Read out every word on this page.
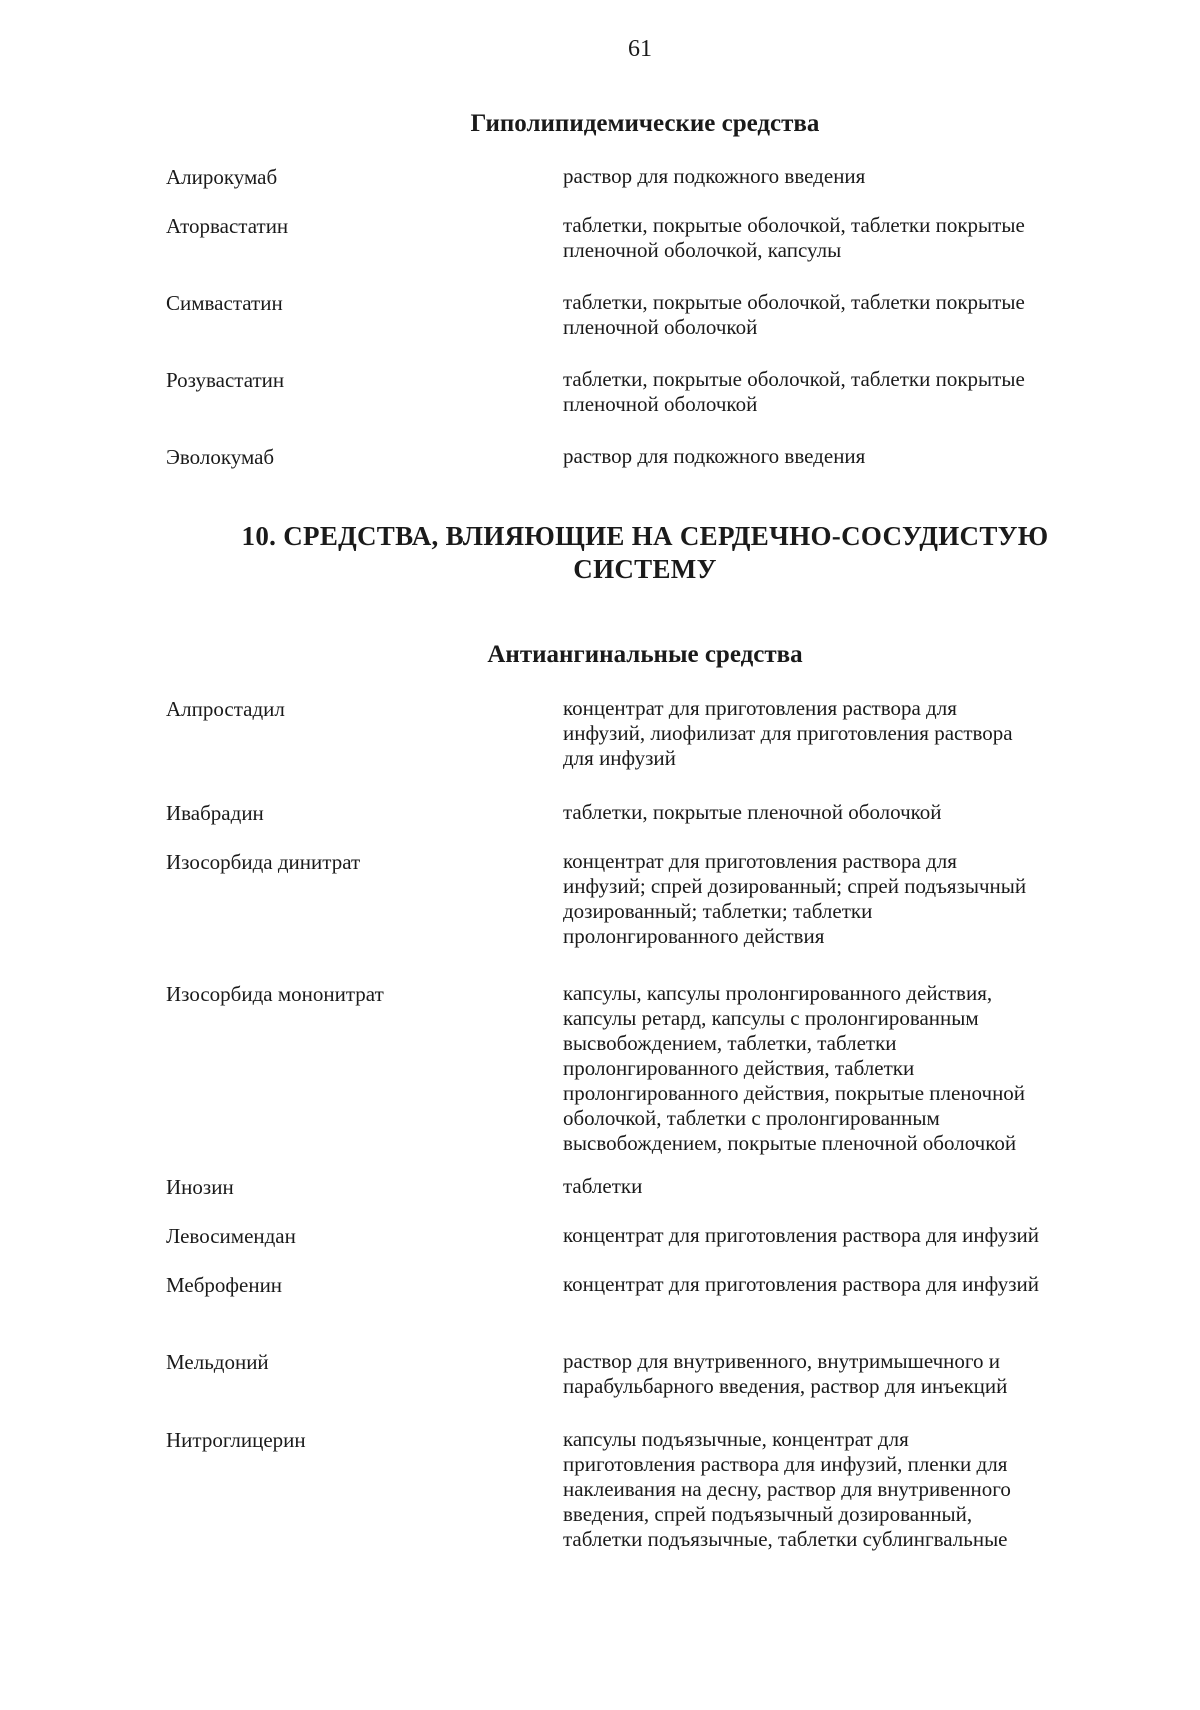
61
Гиполипидемические средства
Алирокумаб	раствор для подкожного введения
Аторвастатин	таблетки, покрытые оболочкой, таблетки покрытые
пленочной оболочкой, капсулы
Симвастатин	таблетки, покрытые оболочкой, таблетки покрытые
пленочной оболочкой
Розувастатин	таблетки, покрытые оболочкой, таблетки покрытые
пленочной оболочкой
Эволокумаб	раствор для подкожного введения
10. СРЕДСТВА, ВЛИЯЮЩИЕ НА СЕРДЕЧНО-СОСУДИСТУЮ
СИСТЕМУ
Антиангинальные средства
Алпростадил	концентрат для приготовления раствора для
инфузий, лиофилизат для приготовления раствора
для инфузий
Ивабрадин	таблетки, покрытые пленочной оболочкой
Изосорбида динитрат	концентрат для приготовления раствора для
инфузий; спрей дозированный; спрей подъязычный
дозированный; таблетки; таблетки
пролонгированного действия
Изосорбида мононитрат	капсулы, капсулы пролонгированного действия,
капсулы ретард, капсулы с пролонгированным
высвобождением, таблетки, таблетки
пролонгированного действия, таблетки
пролонгированного действия, покрытые пленочной
оболочкой, таблетки с пролонгированным
высвобождением, покрытые пленочной оболочкой
Инозин	таблетки
Левосимендан	концентрат для приготовления раствора для инфузий
Меброфенин	концентрат для приготовления раствора для инфузий
Мельдоний	раствор для внутривенного, внутримышечного и
парабульбарного введения, раствор для инъекций
Нитроглицерин	капсулы подъязычные, концентрат для
приготовления раствора для инфузий, пленки для
наклеивания на десну, раствор для внутривенного
введения, спрей подъязычный дозированный,
таблетки подъязычные, таблетки сублингвальные
